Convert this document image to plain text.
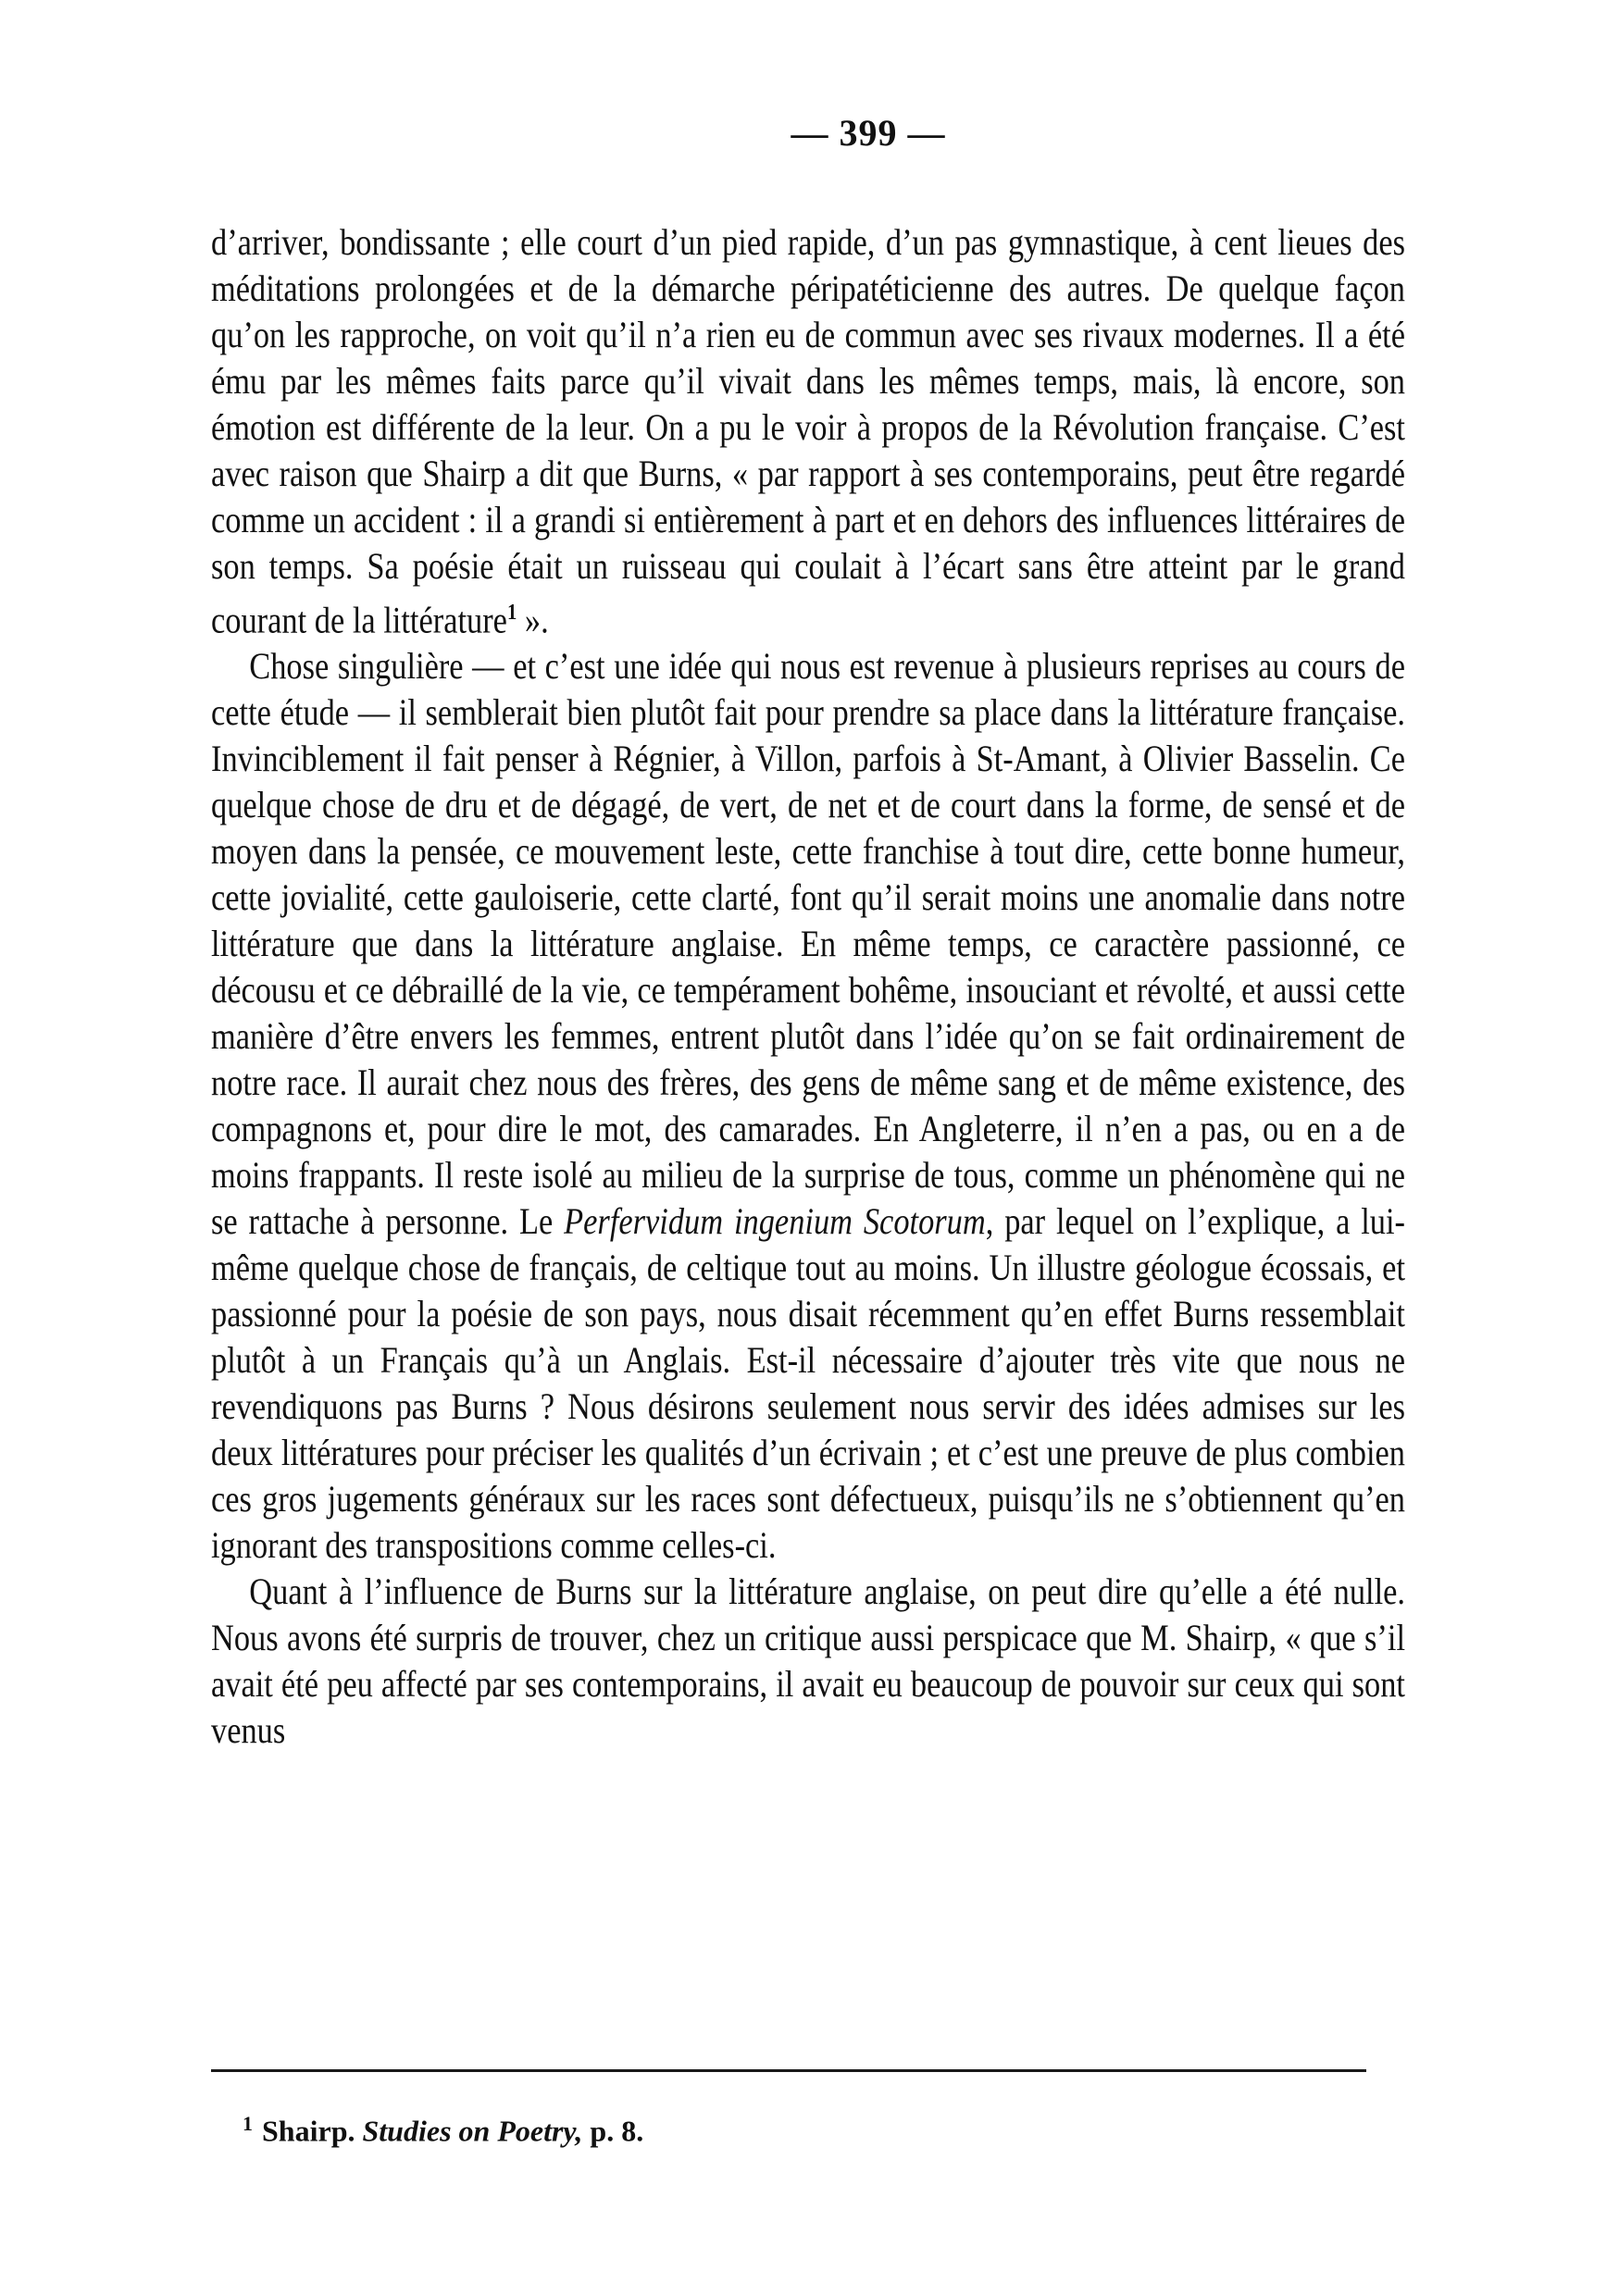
— 399 —

d’arriver, bondissante ; elle court d’un pied rapide, d’un pas gymnastique, à cent lieues des méditations prolongées et de la démarche péripatéticienne des autres. De quelque façon qu’on les rapproche, on voit qu’il n’a rien eu de commun avec ses rivaux modernes. Il a été ému par les mêmes faits parce qu’il vivait dans les mêmes temps, mais, là encore, son émotion est différente de la leur. On a pu le voir à propos de la Révolution française. C’est avec raison que Shairp a dit que Burns, « par rapport à ses contemporains, peut être regardé comme un accident : il a grandi si entièrement à part et en dehors des influences littéraires de son temps. Sa poésie était un ruisseau qui coulait à l’écart sans être atteint par le grand courant de la littérature$^1$ ».

Chose singulière — et c’est une idée qui nous est revenue à plusieurs reprises au cours de cette étude — il semblerait bien plutôt fait pour prendre sa place dans la littérature française. Invinciblement il fait penser à Régnier, à Villon, parfois à St-Amant, à Olivier Basselin. Ce quelque chose de dru et de dégagé, de vert, de net et de court dans la forme, de sensé et de moyen dans la pensée, ce mouvement leste, cette franchise à tout dire, cette bonne humeur, cette jovialité, cette gauloiserie, cette clarté, font qu’il serait moins une anomalie dans notre littérature que dans la littérature anglaise. En même temps, ce caractère passionné, ce décousu et ce débraillé de la vie, ce tempérament bohême, insouciant et révolté, et aussi cette manière d’être envers les femmes, entrent plutôt dans l’idée qu’on se fait ordinairement de notre race. Il aurait chez nous des frères, des gens de même sang et de même existence, des compagnons et, pour dire le mot, des camarades. En Angleterre, il n’en a pas, ou en a de moins frappants. Il reste isolé au milieu de la surprise de tous, comme un phénomène qui ne se rattache à personne. Le Perfervidum ingenium Scotorum, par lequel on l’explique, a lui-même quelque chose de français, de celtique tout au moins. Un illustre géologue écossais, et passionné pour la poésie de son pays, nous disait récemment qu’en effet Burns ressemblait plutôt à un Français qu’à un Anglais. Est-il nécessaire d’ajouter très vite que nous ne revendiquons pas Burns ? Nous désirons seulement nous servir des idées admises sur les deux littératures pour préciser les qualités d’un écrivain ; et c’est une preuve de plus combien ces gros jugements généraux sur les races sont défectueux, puisqu’ils ne s’obtiennent qu’en ignorant des transpositions comme celles-ci.

Quant à l’influence de Burns sur la littérature anglaise, on peut dire qu’elle a été nulle. Nous avons été surpris de trouver, chez un critique aussi perspicace que M. Shairp, « que s’il avait été peu affecté par ses contemporains, il avait eu beaucoup de pouvoir sur ceux qui sont venus

$^1$ Shairp. Studies on Poetry, p. 8.
